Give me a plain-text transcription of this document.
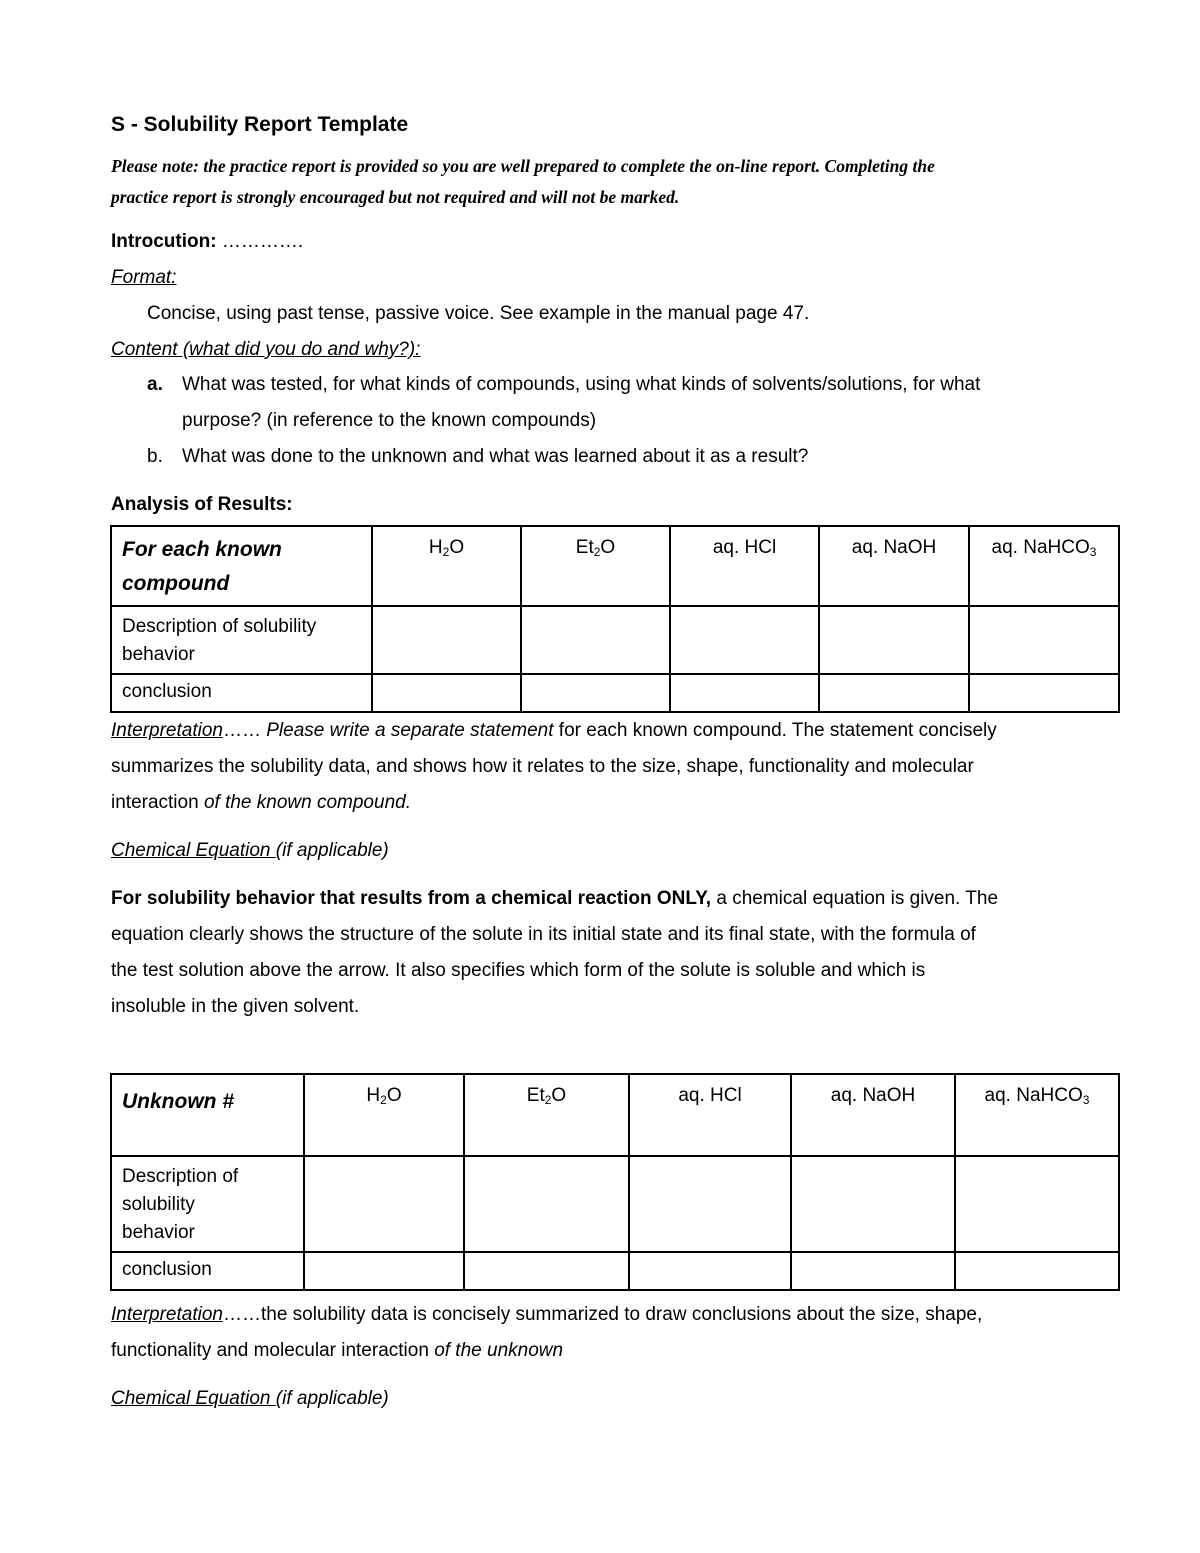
S - Solubility Report Template
Please note: the practice report is provided so you are well prepared to complete the on-line report. Completing the
practice report is strongly encouraged but not required and will not be marked.
Introcution: ………….
Format:
Concise, using past tense, passive voice. See example in the manual page 47.
Content (what did you do and why?):
a. What was tested, for what kinds of compounds, using what kinds of solvents/solutions, for what
purpose? (in reference to the known compounds)
b. What was done to the unknown and what was learned about it as a result?
Analysis of Results:
For each known
compound	$H_2O$	$Et_2O$	aq. HCl	aq. NaOH	aq. NaHCO$_3$

Description of solubility
behavior					

conclusion					
Interpretation…… Please write a separate statement for each known compound. The statement concisely
summarizes the solubility data, and shows how it relates to the size, shape, functionality and molecular
interaction of the known compound.
Chemical Equation (if applicable)
For solubility behavior that results from a chemical reaction ONLY, a chemical equation is given. The
equation clearly shows the structure of the solute in its initial state and its final state, with the formula of
the test solution above the arrow. It also specifies which form of the solute is soluble and which is
insoluble in the given solvent.
Unknown #	$H_2O$	$Et_2O$	aq. HCl	aq. NaOH	aq. NaHCO$_3$

Description of
solubility
behavior					

conclusion					
Interpretation……the solubility data is concisely summarized to draw conclusions about the size, shape,
functionality and molecular interaction of the unknown
Chemical Equation (if applicable)
